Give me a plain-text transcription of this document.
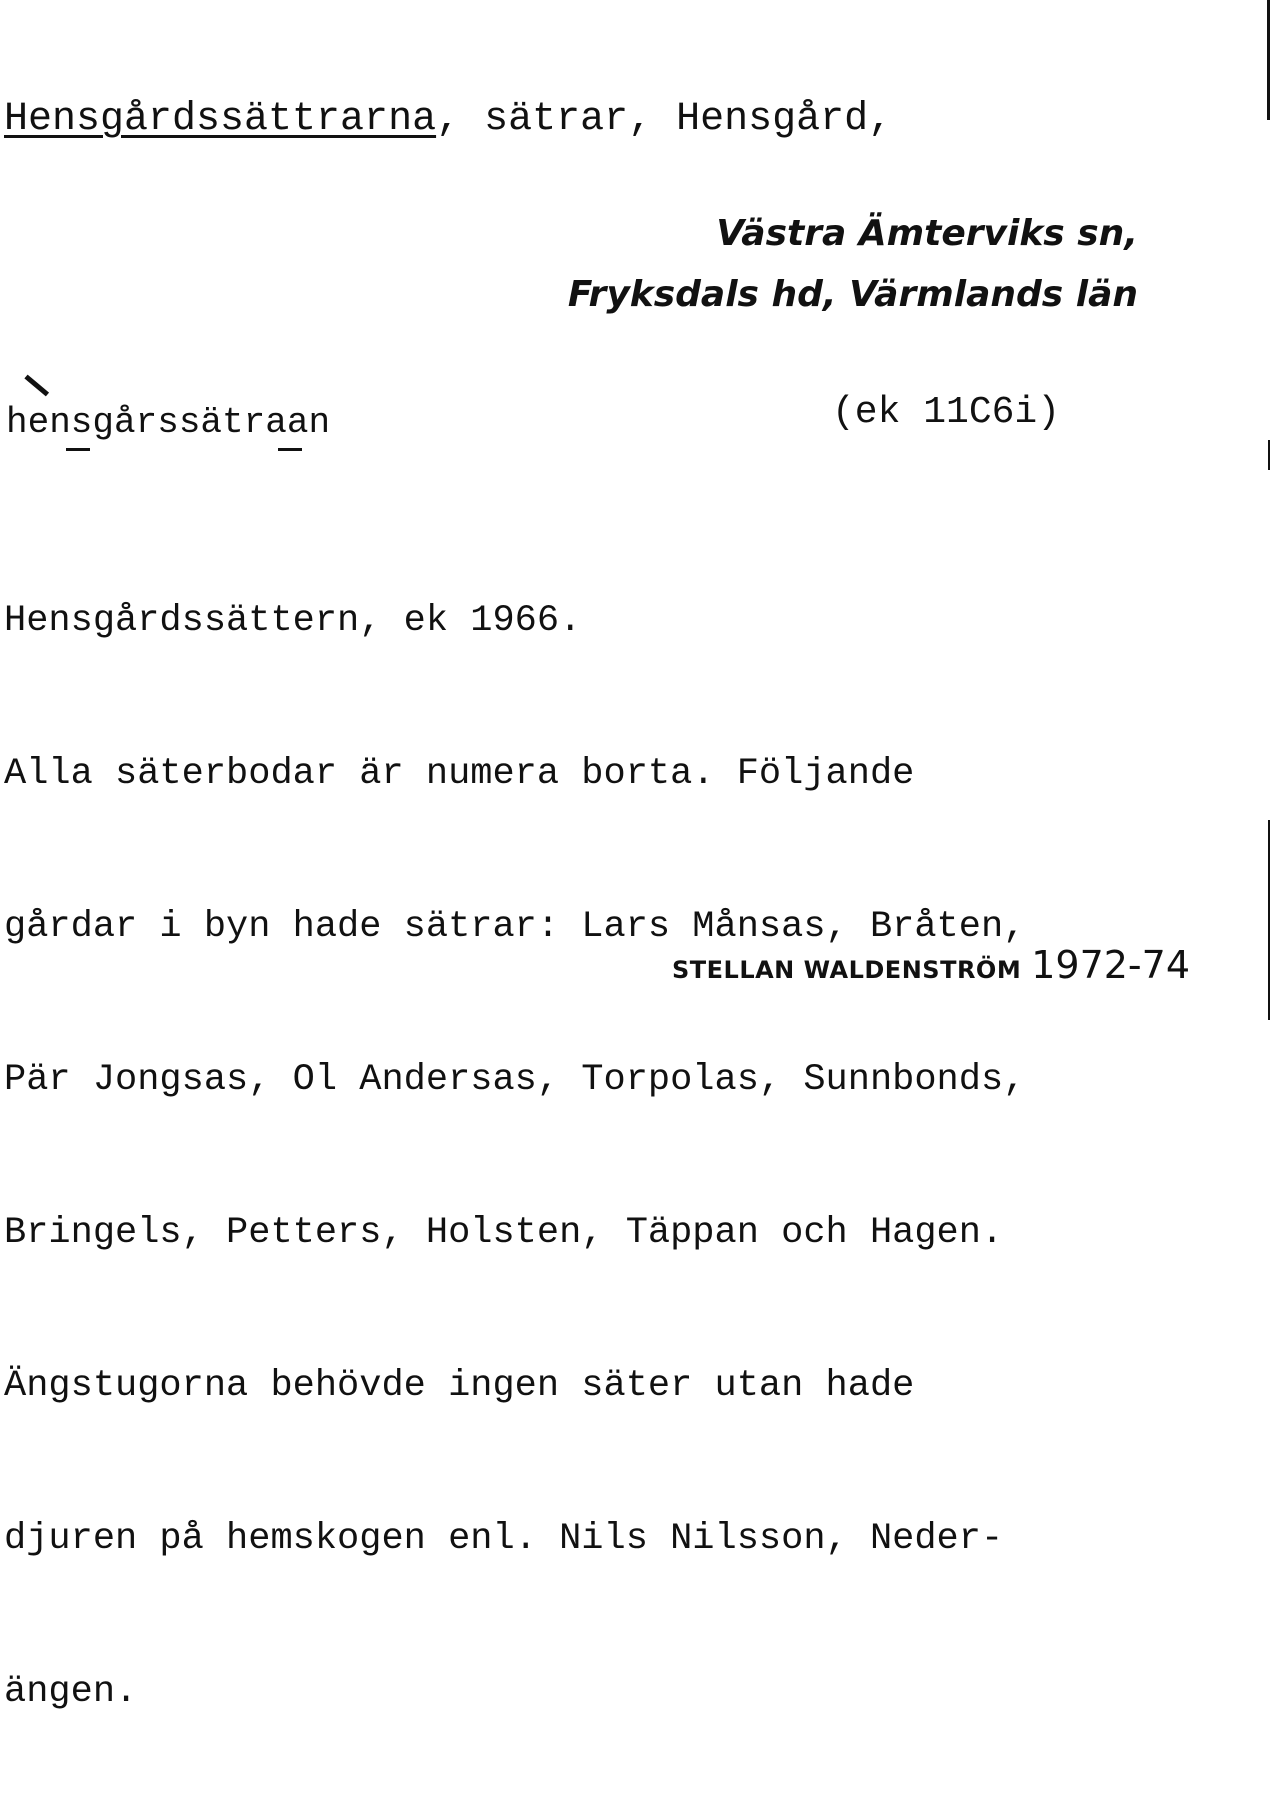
Hensgårdssättrarna, sätrar, Hensgård,
Västra Ämterviks sn,
Fryksdals hd, Värmlands län
hensgårssätraan	(ek 11C6i)

Hensgårdssättern, ek 1966.

Alla säterbodar är numera borta. Följande

gårdar i byn hade sätrar: Lars Månsas, Bråten,

Pär Jongsas, Ol Andersas, Torpolas, Sunnbonds,

Bringels, Petters, Holsten, Täppan och Hagen.

Ängstugorna behövde ingen säter utan hade

djuren på hemskogen enl. Nils Nilsson, Neder-

ängen.

STELLAN WALDENSTRÖM 1972-74
